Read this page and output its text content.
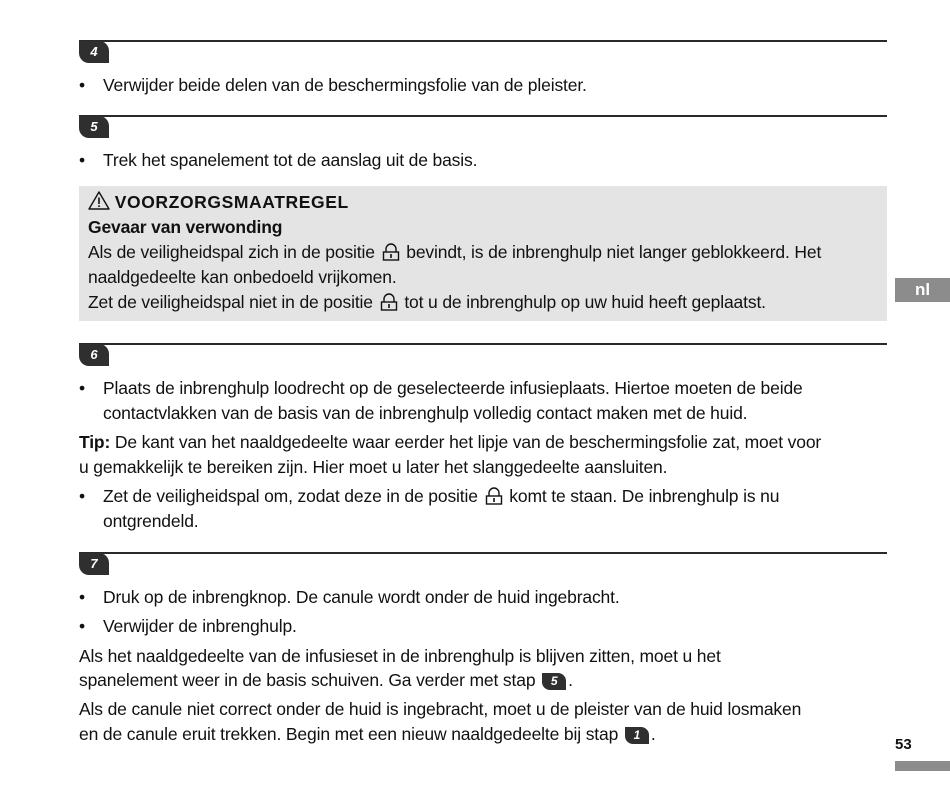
4
• Verwijder beide delen van de beschermingsfolie van de pleister.
5
• Trek het spanelement tot de aanslag uit de basis.
VOORZORGSMAATREGEL
Gevaar van verwonding
Als de veiligheidspal zich in de positie bevindt, is de inbrenghulp niet langer geblokkeerd. Het
naaldgedeelte kan onbedoeld vrijkomen.
Zet de veiligheidspal niet in de positie tot u de inbrenghulp op uw huid heeft geplaatst.
6
• Plaats de inbrenghulp loodrecht op de geselecteerde infusieplaats. Hiertoe moeten de beide
contactvlakken van de basis van de inbrenghulp volledig contact maken met de huid.
Tip: De kant van het naaldgedeelte waar eerder het lipje van de beschermingsfolie zat, moet voor
u gemakkelijk te bereiken zijn. Hier moet u later het slanggedeelte aansluiten.
• Zet de veiligheidspal om, zodat deze in de positie komt te staan. De inbrenghulp is nu
ontgrendeld.
7
• Druk op de inbrengknop. De canule wordt onder de huid ingebracht.
• Verwijder de inbrenghulp.
Als het naaldgedeelte van de infusieset in de inbrenghulp is blijven zitten, moet u het
spanelement weer in de basis schuiven. Ga verder met stap 5 .
Als de canule niet correct onder de huid is ingebracht, moet u de pleister van de huid losmaken
en de canule eruit trekken. Begin met een nieuw naaldgedeelte bij stap 1 .
nl
53
